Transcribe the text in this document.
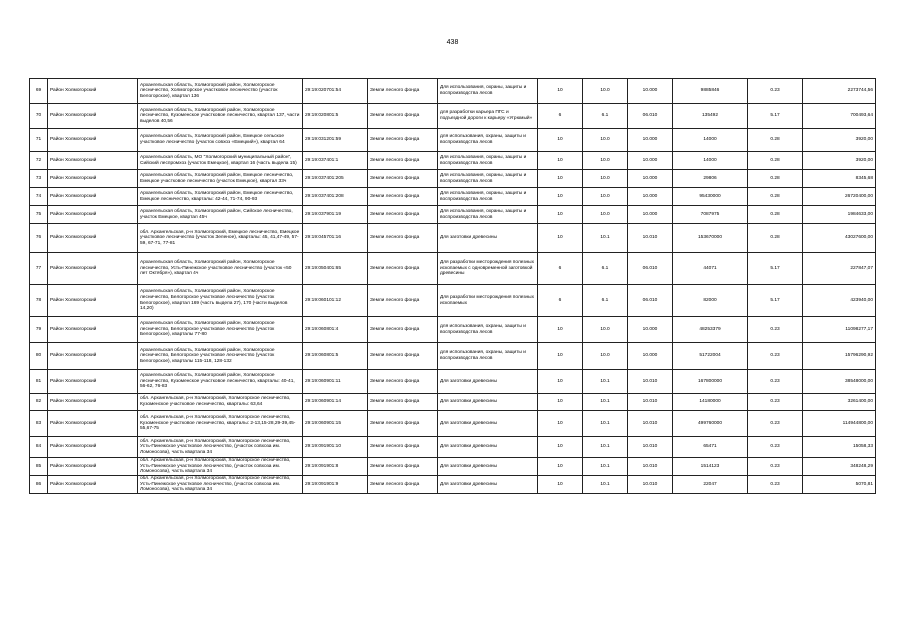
438
69	Район Холмогорский	Архангельская область, Холмогорский район, Холмогорское лесничество, Холмогорское участковое лесничество (участок Белогорское), квартал 136	29:19:020701:54	Земли лесного фонда	Для использования, охраны, защиты и воспроизводства лесов	10	10.0	10.000	9885846	0.23	2273744,56
70	Район Холмогорский	Архангельская область, Холмогорский район, Холмогорское лесничество, Кузоменское участковое лесничество, квартал 137, части выделов 40,56	29:19:020801:5	Земли лесного фонда	для разработки карьера ПГС и подъездной дороги к карьеру «Угрюмый»	6	6.1	06.010	135492	5.17	700493,64
71	Район Холмогорский	Архангельская область, Холмогорский район, Емецкое сельское участковое лесничество (участок совхоз «Емецкий»), квартал 64	29:19:031201:59	Земли лесного фонда	для использования, охраны, защиты и воспроизводства лесов	10	10.0	10.000	14000	0.28	3920,00
72	Район Холмогорский	Архангельская область, МО "Холмогорский муниципальный район", Сийский леспромхоз (участок Емецкое), квартал 16 (часть выдела 15)	29:19:037401:1	Земли лесного фонда	Для использования, охраны, защиты и воспроизводства лесов	10	10.0	10.000	14000	0.28	3920,00
73	Район Холмогорский	Архангельская область, Холмогорский район, Емецкое лесничество, Емецкое участковое лесничество (участок Емецкое), квартал 33ч	29:19:037401:205	Земли лесного фонда	Для использования, охраны, защиты и воспроизводства лесов	10	10.0	10.000	29806	0.28	8345,68
74	Район Холмогорский	Архангельская область, Холмогорский район, Емецкое лесничество, Емецкое лесничество, кварталы: 42-44, 71-74, 90-93	29:19:037401:208	Земли лесного фонда	Для использования, охраны, защиты и воспроизводства лесов	10	10.0	10.000	95430000	0.28	26720400,00
75	Район Холмогорский	Архангельская область, Холмогорский район, Сийское лесничество, участок Емецкое, квартал 45ч	29:19:037901:19	Земли лесного фонда	Для использования, охраны, защиты и воспроизводства лесов	10	10.0	10.000	7087975	0.28	1984633,00
76	Район Холмогорский	обл. Архангельская, р-н Холмогорский, Емецкое лесничество, Емецкое участковое лесничество (участок Зеленое), кварталы: 45, 41,47-49, 57-59, 67-71, 77-81	29:19:045701:16	Земли лесного фонда	Для заготовки древесины	10	10.1	10.010	153670000	0.28	43027600,00
77	Район Холмогорский	Архангельская область, Холмогорский район, Холмогорское лесничество, Усть-Пинежское участковое лесничество (участок «50 лет Октября»), квартал 4ч	29:19:050401:65	Земли лесного фонда	Для разработки месторождения полезных ископаемых с одновременной заготовкой древесины	6	6.1	06.010	44071	5.17	227847,07
78	Район Холмогорский	Архангельская область, Холмогорский район, Холмогорское лесничество, Белогорское участковое лесничество (участок Белогорское), квартал 169 (часть выдела 27), 170 (части выделов 14,20)	29:19:060101:12	Земли лесного фонда	Для разработки месторождения полезных ископаемых	6	6.1	06.010	82000	5.17	423940,00
79	Район Холмогорский	Архангельская область, Холмогорский район, Холмогорское лесничество, Белогорское участковое лесничество (участок Белогорское), кварталы 77-80	29:19:060801:4	Земли лесного фонда	для использования, охраны, защиты и воспроизводства лесов	10	10.0	10.000	48253379	0.23	11098277,17
80	Район Холмогорский	Архангельская область, Холмогорский район, Холмогорское лесничество, Белогорское участковое лесничество (участок Белогорское), кварталы 115-118, 128-132	29:19:060801:5	Земли лесного фонда	для использования, охраны, защиты и воспроизводства лесов	10	10.0	10.000	51722004	0.23	15796290,92
81	Район Холмогорский	Архангельская область, Холмогорский район, Холмогорское лесничество, Кузоменское участковое лесничество, кварталы: 40-41, 56-62, 76-83	29:19:060901:11	Земли лесного фонда	Для заготовки древесины	10	10.1	10.010	167800000	0.23	38548000,00
82	Район Холмогорский	обл. Архангельская, р-н Холмогорский, Холмогорское лесничество, Кузоменское участковое лесничество, кварталы: 63,64	29:19:060901:14	Земли лесного фонда	Для заготовки древесины	10	10.1	10.010	14180000	0.23	3261400,00
83	Район Холмогорский	обл. Архангельская, р-н Холмогорский, Холмогорское лесничество, Кузоменское участковое лесничество, кварталы: 2-13,15-28,29-39,45-55,67-75	29:19:060901:15	Земли лесного фонда	Для заготовки древесины	10	10.1	10.010	499760000	0.23	114944800,00
84	Район Холмогорский	обл. Архангельская, р-н Холмогорский, Холмогорское лесничество, Усть-Пинежское участковое лесничество, (участок совхоза им. Ломоносова), часть квартала 34	29:19:091901:10	Земли лесного фонда	Для заготовки древесины	10	10.1	10.010	65471	0.23	15058,33
85	Район Холмогорский	обл. Архангельская, р-н Холмогорский, Холмогорское лесничество, Усть-Пинежское участковое лесничество, (участок совхоза им. Ломоносова), часть квартала 34	29:19:091901:8	Земли лесного фонда	Для заготовки древесины	10	10.1	10.010	1514123	0.23	348248,29
86	Район Холмогорский	обл. Архангельская, р-н Холмогорский, Холмогорское лесничество, Усть-Пинежское участковое лесничество, (участок совхоза им. Ломоносова), часть квартала 34	29:19:091901:9	Земли лесного фонда	Для заготовки древесины	10	10.1	10.010	22047	0.23	5070,81
